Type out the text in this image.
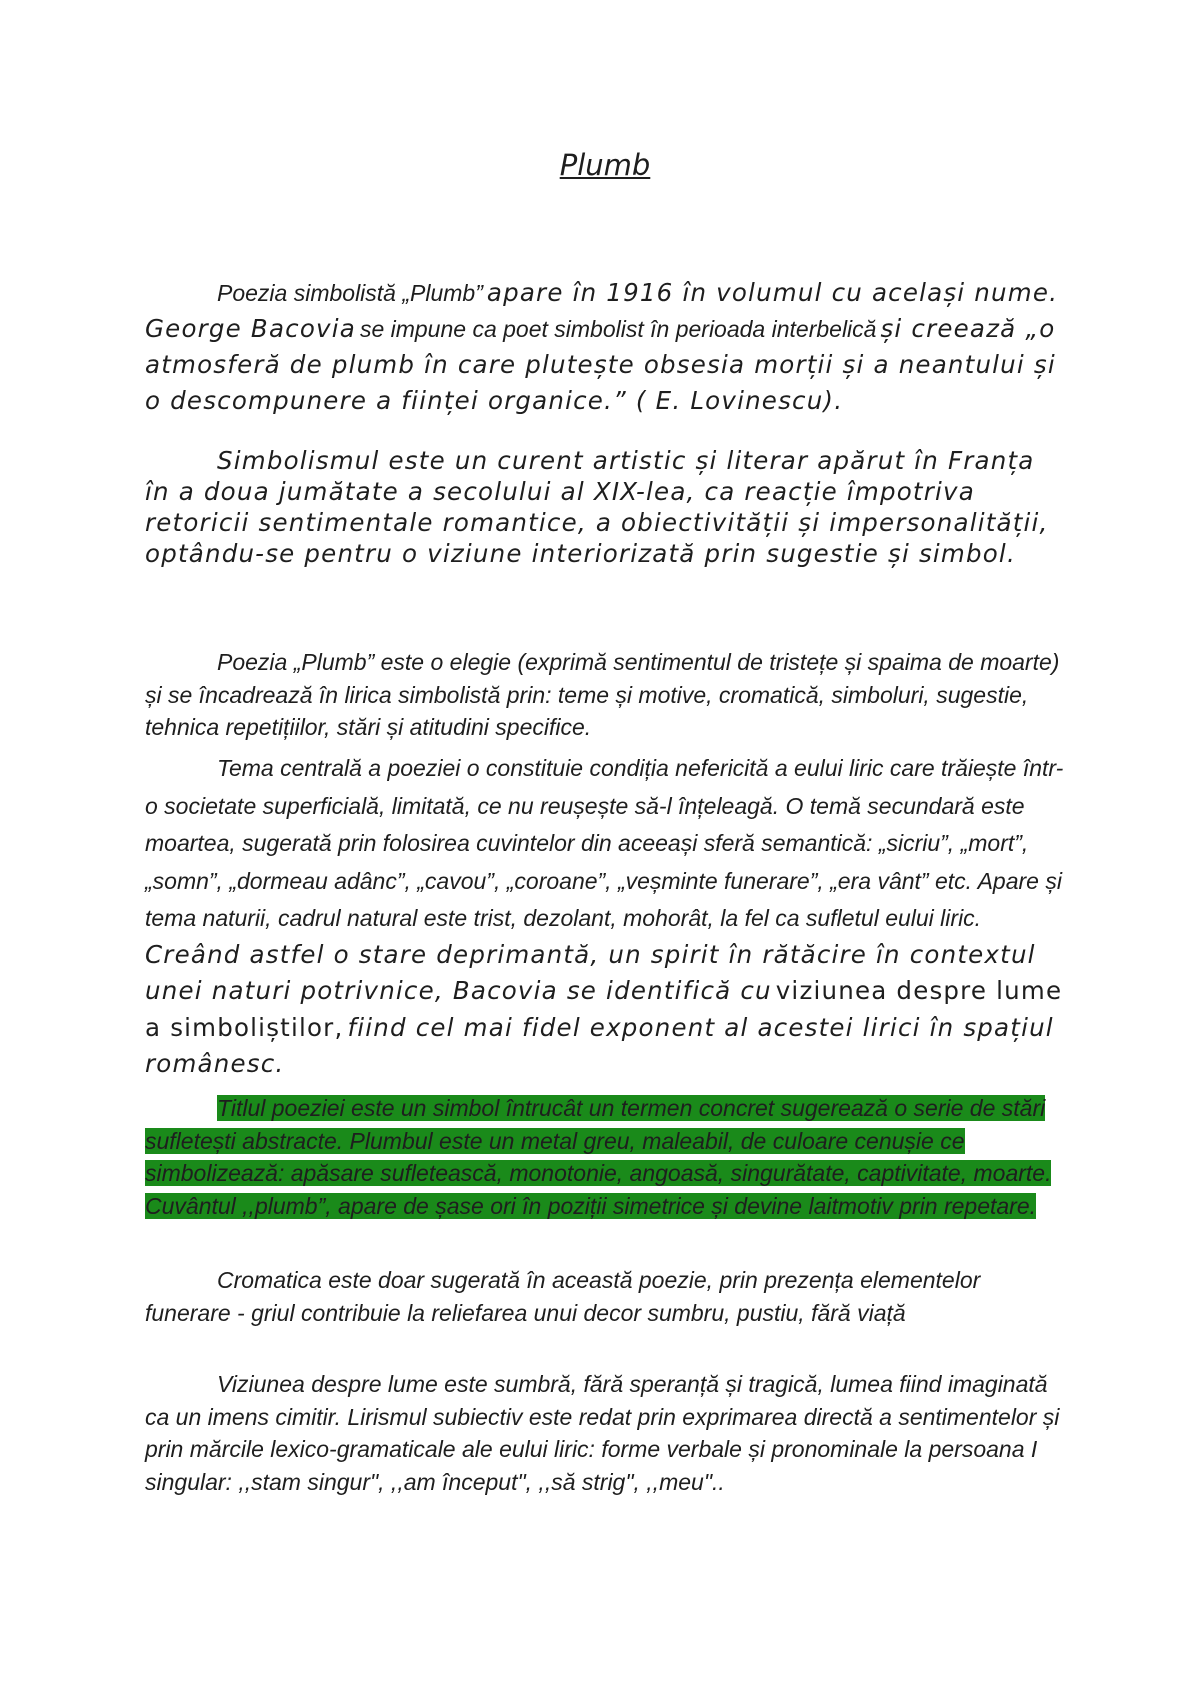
Plumb

Poezia simbolistă „Plumb” apare în 1916 în volumul cu același nume. George Bacovia se impune ca poet simbolist în perioada interbelică și creează „o atmosferă de plumb în care plutește obsesia morții și a neantului și o descompunere a ființei organice.” ( E. Lovinescu).

Simbolismul este un curent artistic și literar apărut în Franța în a doua jumătate a secolului al XIX-lea, ca reacție împotriva retoricii sentimentale romantice, a obiectivității și impersonalității, optându-se pentru o viziune interiorizată prin sugestie și simbol.

Poezia „Plumb” este o elegie (exprimă sentimentul de tristețe și spaima de moarte) și se încadrează în lirica simbolistă prin: teme și motive, cromatică, simboluri, sugestie, tehnica repetițiilor, stări și atitudini specifice.

Tema centrală a poeziei o constituie condiția nefericită a eului liric care trăiește într-o societate superficială, limitată, ce nu reușește să-l înțeleagă. O temă secundară este moartea, sugerată prin folosirea cuvintelor din aceeași sferă semantică: „sicriu”, „mort”, „somn”, „dormeau adânc”, „cavou”, „coroane”, „veșminte funerare”, „era vânt” etc. Apare și tema naturii, cadrul natural este trist, dezolant, mohorât, la fel ca sufletul eului liric. Creând astfel o stare deprimantă, un spirit în rătăcire în contextul unei naturi potrivnice, Bacovia se identifică cu viziunea despre lume a simboliștilor, fiind cel mai fidel exponent al acestei lirici în spațiul românesc.

Titlul poeziei este un simbol întrucât un termen concret sugerează o serie de stări sufletești abstracte. Plumbul este un metal greu, maleabil, de culoare cenușie ce simbolizează: apăsare sufletească, monotonie, angoasă, singurătate, captivitate, moarte. Cuvântul ,,plumb”, apare de șase ori în poziții simetrice și devine laitmotiv prin repetare.

Cromatica este doar sugerată în această poezie, prin prezența elementelor funerare - griul contribuie la reliefarea unui decor sumbru, pustiu, fără viață

Viziunea despre lume este sumbră, fără speranță și tragică, lumea fiind imaginată ca un imens cimitir. Lirismul subiectiv este redat prin exprimarea directă a sentimentelor și prin mărcile lexico-gramaticale ale eului liric: forme verbale și pronominale la persoana I singular: ,,stam singur", ,,am început", ,,să strig", ,,meu"..
